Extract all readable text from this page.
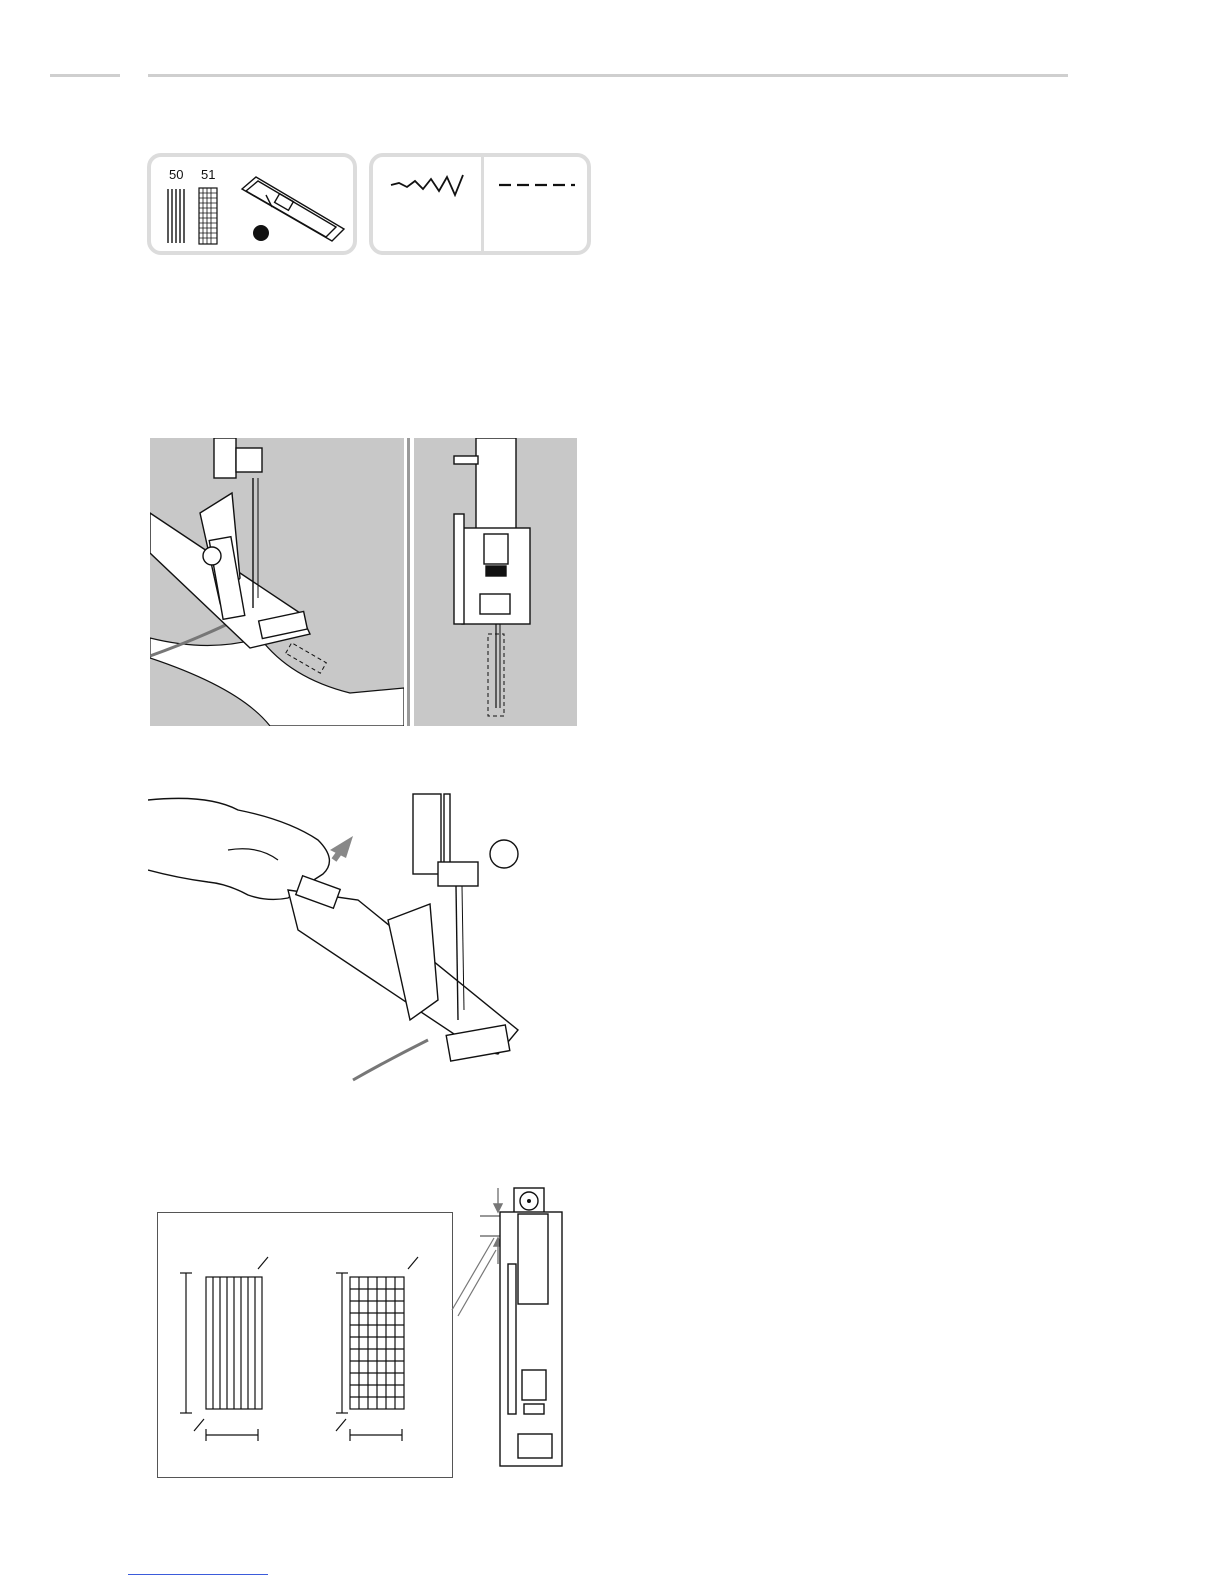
50 51
